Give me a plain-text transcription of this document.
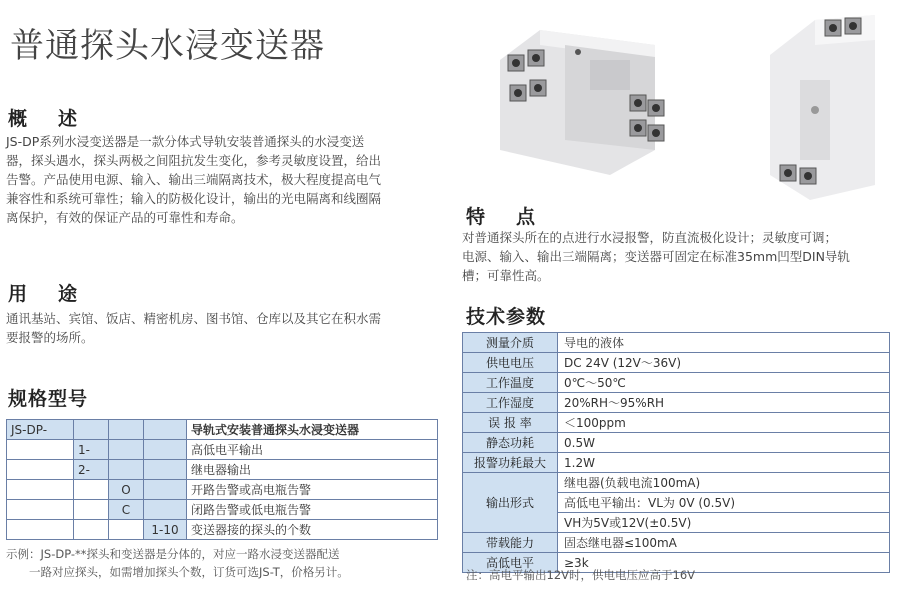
普通探头水浸变送器
概　述
JS-DP系列水浸变送器是一款分体式导轨安装普通探头的水浸变送
器，探头遇水，探头两极之间阻抗发生变化，参考灵敏度设置，给出
告警。产品使用电源、输入、输出三端隔离技术，极大程度提高电气
兼容性和系统可靠性；输入的防极化设计，输出的光电隔离和线圈隔
离保护，有效的保证产品的可靠性和寿命。
用　途
通讯基站、宾馆、饭店、精密机房、图书馆、仓库以及其它在积水需
要报警的场所。
规格型号
JS-DP-				导轨式安装普通探头水浸变送器
	1-			高低电平输出
	2-			继电器输出
		O		开路告警或高电瓶告警
		C		闭路告警或低电瓶告警
			1-10	变送器接的探头的个数
示例：JS-DP-**探头和变送器是分体的，对应一路水浸变送器配送
　　一路对应探头，如需增加探头个数，订货可选JS-T，价格另计。
特　点
对普通探头所在的点进行水浸报警，防直流极化设计；灵敏度可调；
电源、输入、输出三端隔离；变送器可固定在标准35mm凹型DIN导轨
槽；可靠性高。
技术参数
测量介质	导电的液体
供电电压	DC 24V (12V～36V)
工作温度	0℃～50℃
工作湿度	20%RH～95%RH
误 报 率	＜100ppm
静态功耗	0.5W
报警功耗最大	1.2W
输出形式	继电器(负载电流100mA)
	高低电平输出：VL为 0V (0.5V)
	VH为5V或12V(±0.5V)
带载能力	固态继电器≤100mA
高低电平	≥3k
注：高电平输出12V时，供电电压应高于16V
